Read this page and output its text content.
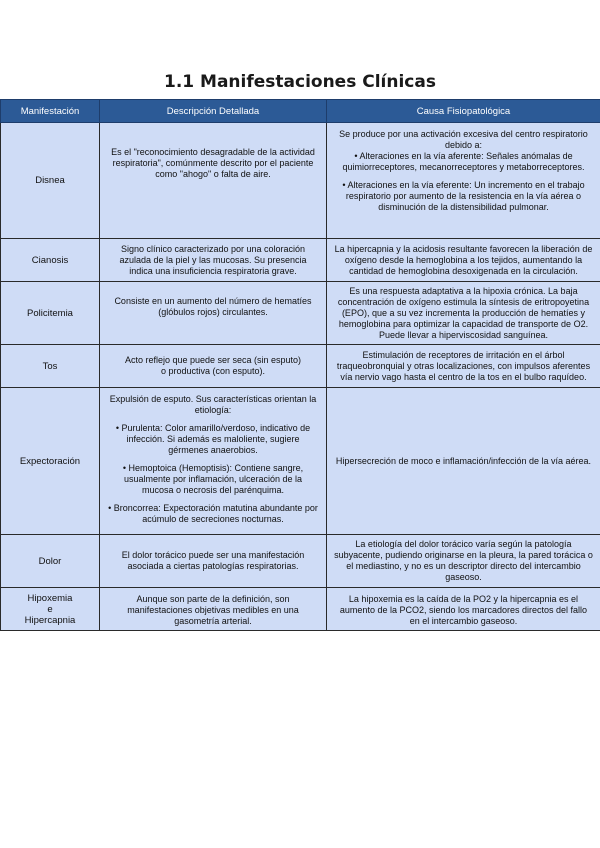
1.1 Manifestaciones Clínicas
Manifestación	Descripción Detallada	Causa Fisiopatológica
Disnea	Es el "reconocimiento desagradable de la actividad respiratoria", comúnmente descrito por el paciente como "ahogo" o falta de aire.	Se produce por una activación excesiva del centro respiratorio debido a:
• Alteraciones en la vía aferente: Señales anómalas de quimiorreceptores, mecanorreceptores y metaborreceptores.
• Alteraciones en la vía eferente: Un incremento en el trabajo respiratorio por aumento de la resistencia en la vía aérea o disminución de la distensibilidad pulmonar.

Cianosis	Signo clínico caracterizado por una coloración azulada de la piel y las mucosas. Su presencia indica una insuficiencia respiratoria grave.	La hipercapnia y la acidosis resultante favorecen la liberación de oxígeno desde la hemoglobina a los tejidos, aumentando la cantidad de hemoglobina desoxigenada en la circulación.

Policitemia	Consiste en un aumento del número de hematíes (glóbulos rojos) circulantes.	Es una respuesta adaptativa a la hipoxia crónica. La baja concentración de oxígeno estimula la síntesis de eritropoyetina (EPO), que a su vez incrementa la producción de hematíes y hemoglobina para optimizar la capacidad de transporte de O2. Puede llevar a hiperviscosidad sanguínea.

Tos	Acto reflejo que puede ser seca (sin esputo)
o productiva (con esputo).	Estimulación de receptores de irritación en el árbol traqueobronquial y otras localizaciones, con impulsos aferentes vía nervio vago hasta el centro de la tos en el bulbo raquídeo.

Expectoración	Expulsión de esputo. Sus características orientan la etiología:
• Purulenta: Color amarillo/verdoso, indicativo de infección. Si además es maloliente, sugiere gérmenes anaerobios.
• Hemoptoica (Hemoptisis): Contiene sangre, usualmente por inflamación, ulceración de la mucosa o necrosis del parénquima.
• Broncorrea: Expectoración matutina abundante por acúmulo de secreciones nocturnas.	Hipersecreción de moco e inflamación/infección de la vía aérea.

Dolor	El dolor torácico puede ser una manifestación asociada a ciertas patologías respiratorias.	La etiología del dolor torácico varía según la patología subyacente, pudiendo originarse en la pleura, la pared torácica o el mediastino, y no es un descriptor directo del intercambio gaseoso.

Hipoxemia
e
Hipercapnia	Aunque son parte de la definición, son manifestaciones objetivas medibles en una gasometría arterial.	La hipoxemia es la caída de la PO2 y la hipercapnia es el aumento de la PCO2, siendo los marcadores directos del fallo en el intercambio gaseoso.
